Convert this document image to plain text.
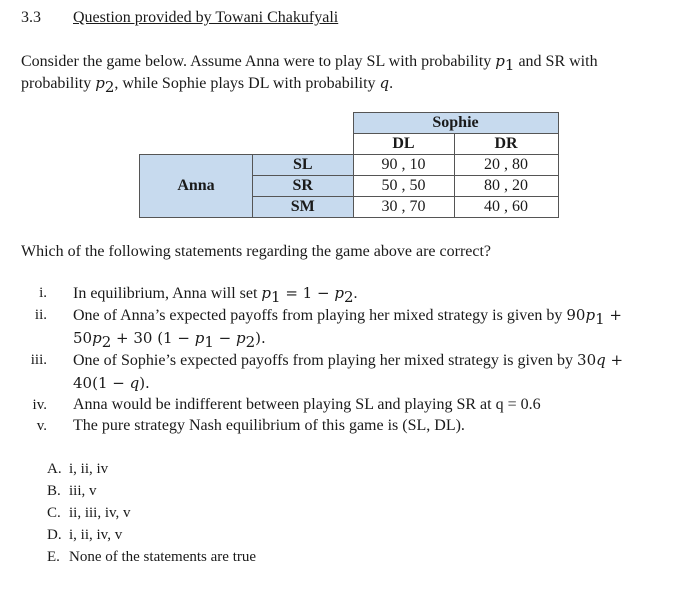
3.3 Question provided by Towani Chakufyali
Consider the game below. Assume Anna were to play SL with probability $p_1$ and SR with
probability $p_2$, while Sophie plays DL with probability q.
		Sophie	
		DL	DR
Anna	SL	90 , 10	20 , 80
	SR	50 , 50	80 , 20
	SM	30 , 70	40 , 60
Which of the following statements regarding the game above are correct?
i. In equilibrium, Anna will set $p_1 = 1 - p_2$.
ii. One of Anna’s expected payoffs from playing her mixed strategy is given by $90p_1$ +
$50p_2 + 30$ $(1 - p_1 - p_2)$.
iii. One of Sophie’s expected payoffs from playing her mixed strategy is given by 30q +
40(1 − q).
iv. Anna would be indifferent between playing SL and playing SR at q = 0.6
v. The pure strategy Nash equilibrium of this game is (SL, DL).
A. i, ii, iv
B. iii, v
C. ii, iii, iv, v
D. i, ii, iv, v
E. None of the statements are true
